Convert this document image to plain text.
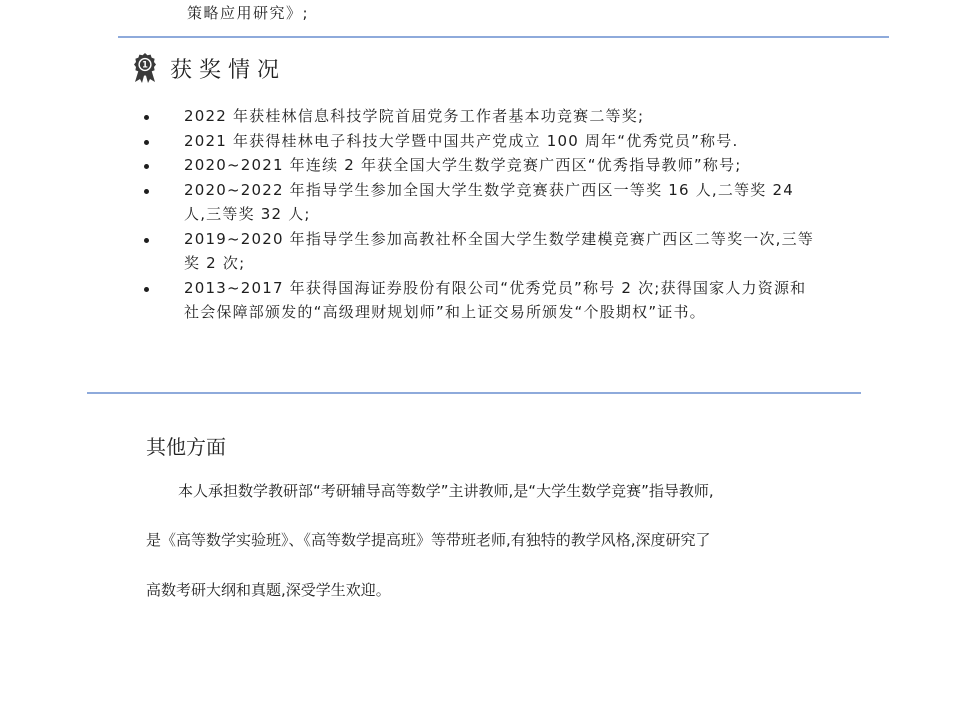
策略应用研究》;
1 获奖情况
2022 年获桂林信息科技学院首届党务工作者基本功竞赛二等奖;
2021 年获得桂林电子科技大学暨中国共产党成立 100 周年“优秀党员”称号.
2020~2021 年连续 2 年获全国大学生数学竞赛广西区“优秀指导教师”称号;
2020~2022 年指导学生参加全国大学生数学竞赛获广西区一等奖 16 人,二等奖 24 人,三等奖 32 人;
2019~2020 年指导学生参加高教社杯全国大学生数学建模竞赛广西区二等奖一次,三等奖 2 次;
2013~2017 年获得国海证券股份有限公司“优秀党员”称号 2 次;获得国家人力资源和社会保障部颁发的“高级理财规划师”和上证交易所颁发“个股期权”证书。
其他方面
本人承担数学教研部“考研辅导高等数学”主讲教师,是“大学生数学竞赛”指导教师,
是《高等数学实验班》、《高等数学提高班》等带班老师,有独特的教学风格,深度研究了
高数考研大纲和真题,深受学生欢迎。
